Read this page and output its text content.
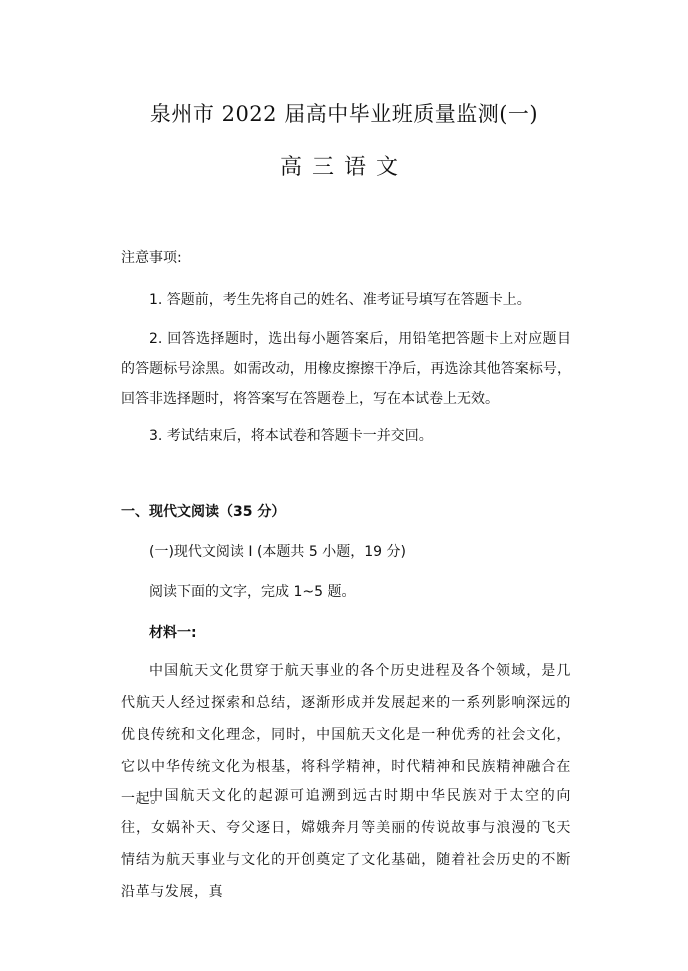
泉州市 2022 届高中毕业班质量监测(一)
高三语文
注意事项:
1. 答题前，考生先将自己的姓名、准考证号填写在答题卡上。
2. 回答选择题时，选出每小题答案后，用铅笔把答题卡上对应题目的答题标号涂黑。如需改动，用橡皮擦擦干净后，再选涂其他答案标号，回答非选择题时，将答案写在答题卷上，写在本试卷上无效。
3. 考试结束后，将本试卷和答题卡一并交回。
一、现代文阅读（35 分）
(一)现代文阅读 I (本题共 5 小题，19 分)
阅读下面的文字，完成 1~5 题。
材料一:
中国航天文化贯穿于航天事业的各个历史进程及各个领域，是几代航天人经过探索和总结，逐渐形成并发展起来的一系列影响深远的优良传统和文化理念，同时，中国航天文化是一种优秀的社会文化，它以中华传统文化为根基，将科学精神，时代精神和民族精神融合在一起。
中国航天文化的起源可追溯到远古时期中华民族对于太空的向往，女娲补天、夸父逐日，嫦娥奔月等美丽的传说故事与浪漫的飞天情结为航天事业与文化的开创奠定了文化基础，随着社会历史的不断沿革与发展，真
